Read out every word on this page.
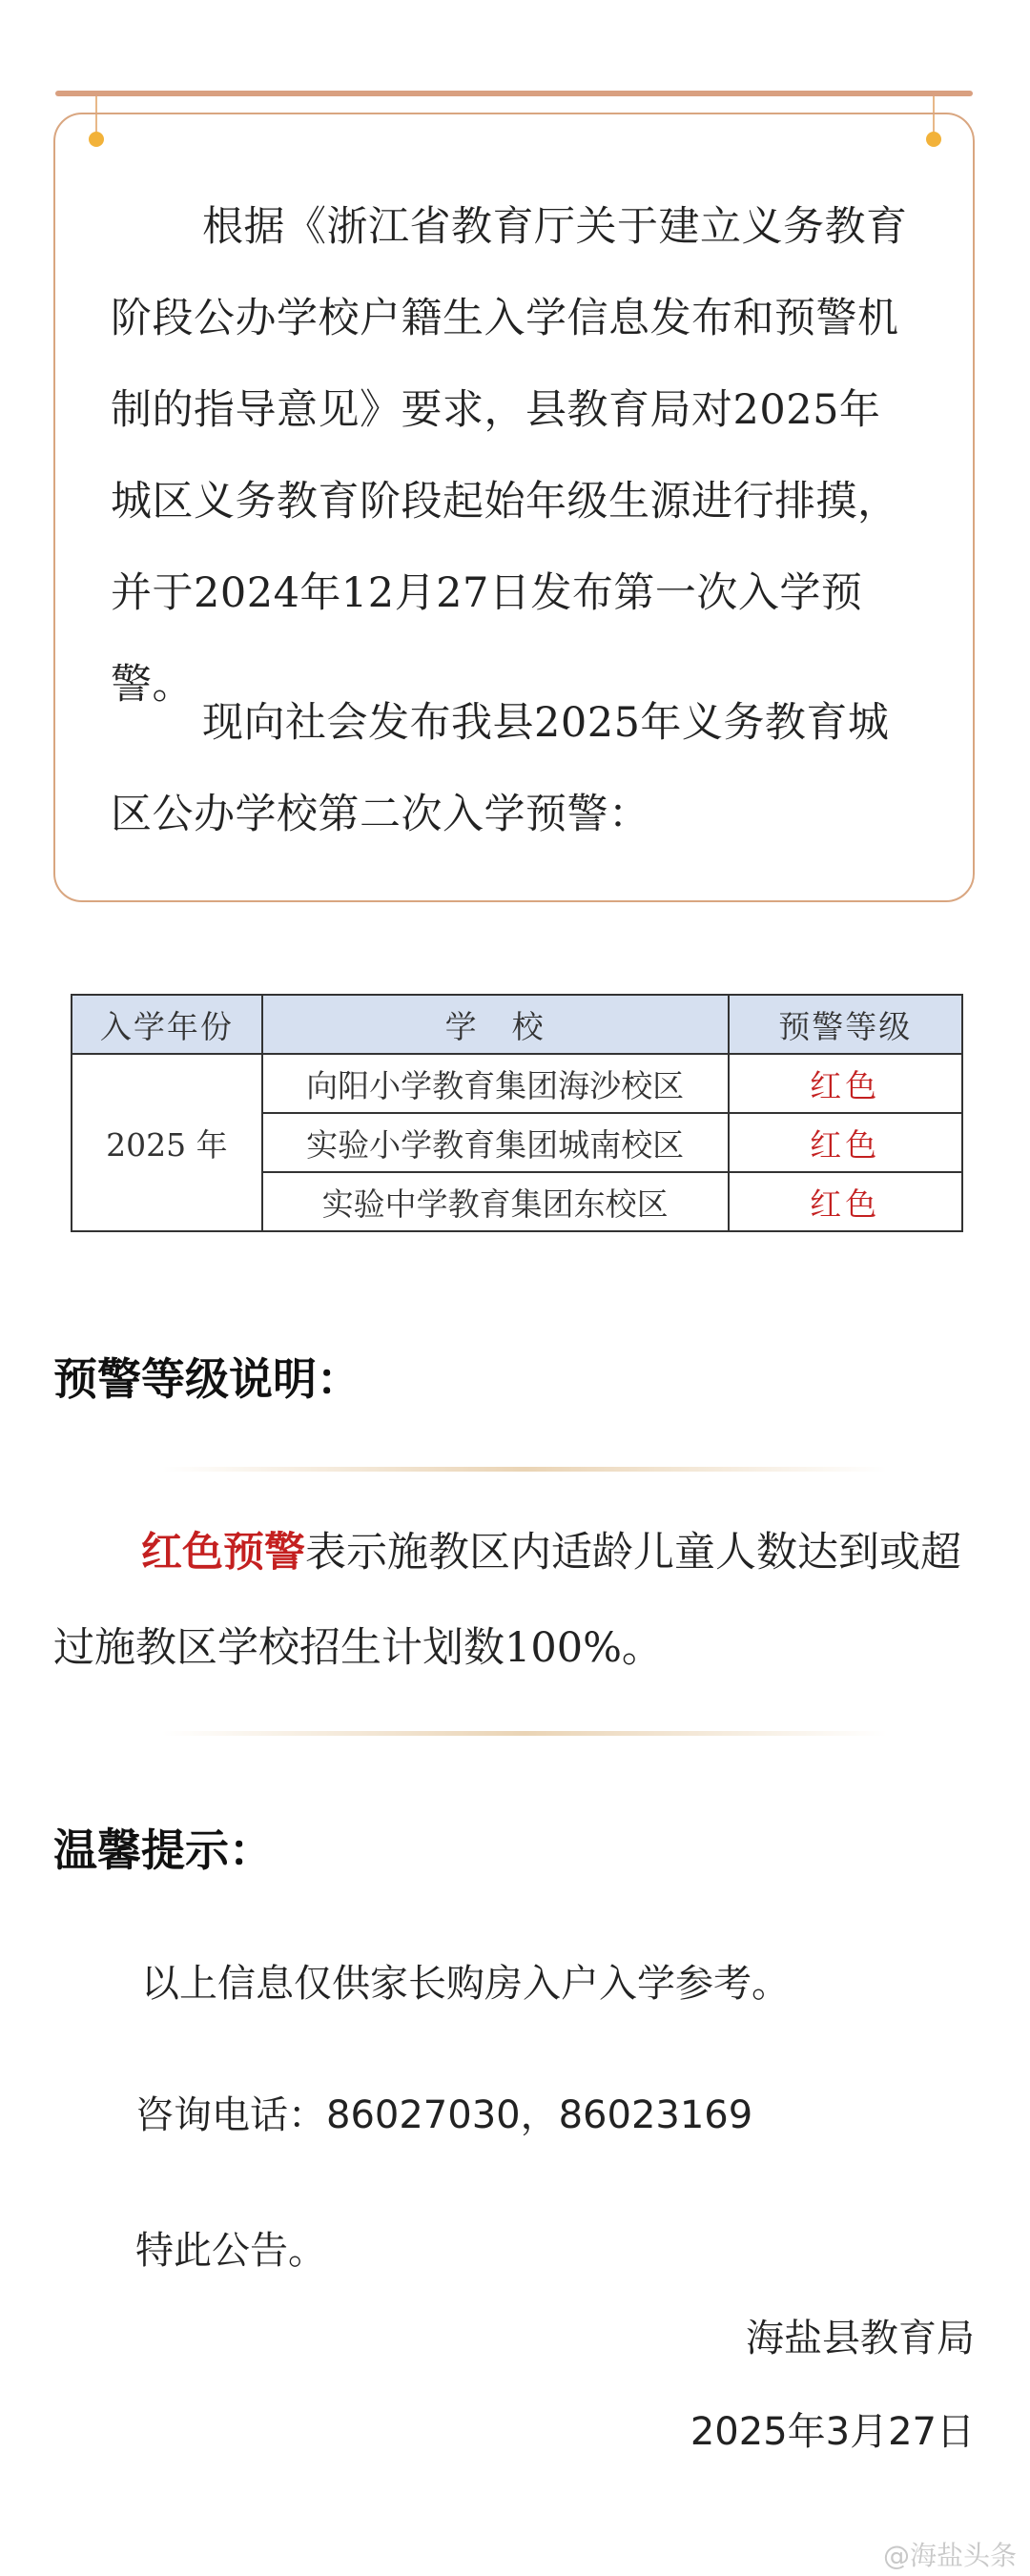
根据《浙江省教育厅关于建立义务教育阶段公办学校户籍生入学信息发布和预警机制的指导意见》要求，县教育局对2025年城区义务教育阶段起始年级生源进行排摸，并于2024年12月27日发布第一次入学预警。

现向社会发布我县2025年义务教育城区公办学校第二次入学预警：

入学年份	学　校	预警等级
2025 年	向阳小学教育集团海沙校区	红色
	实验小学教育集团城南校区	红色
	实验中学教育集团东校区	红色
预警等级说明：

红色预警表示施教区内适龄儿童人数达到或超过施教区学校招生计划数100%。

温馨提示：
以上信息仅供家长购房入户入学参考。
咨询电话：86027030，86023169
特此公告。
海盐县教育局
2025年3月27日
@海盐头条
